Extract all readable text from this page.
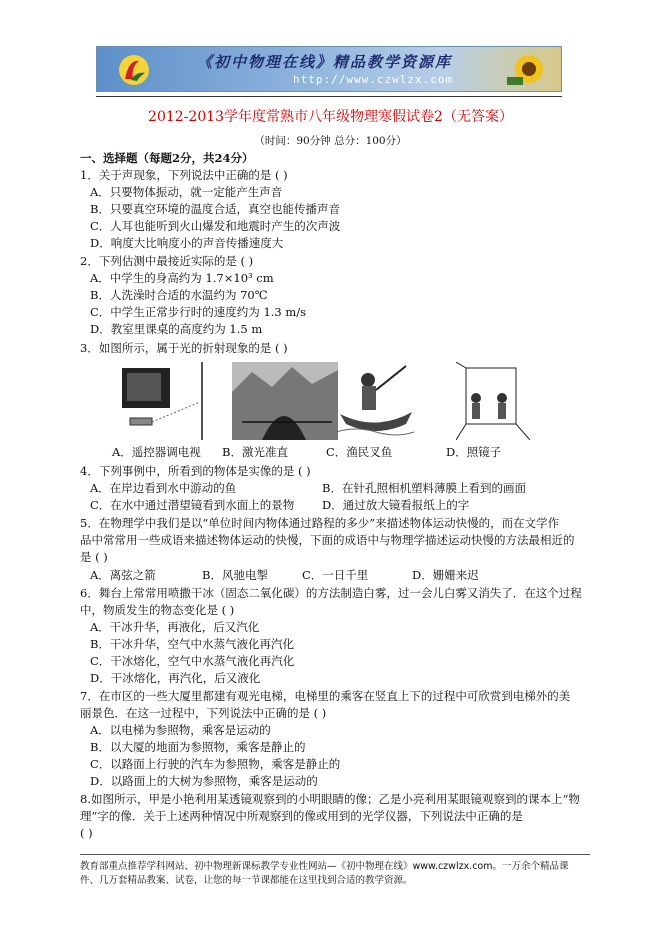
《初中物理在线》精品教学资源库
http://www.czwlzx.com
2012-2013学年度常熟市八年级物理寒假试卷2（无答案）
（时间：90分钟 总分：100分）
一、选择题（每题2分，共24分）
1．关于声现象，下列说法中正确的是 ( )
A．只要物体振动，就一定能产生声音
B．只要真空环境的温度合适，真空也能传播声音
C．人耳也能听到火山爆发和地震时产生的次声波
D．响度大比响度小的声音传播速度大
2．下列估测中最接近实际的是 ( )
A．中学生的身高约为 1.7×10³ cm
B．人洗澡时合适的水温约为 70℃
C．中学生正常步行时的速度约为 1.3 m/s
D．教室里课桌的高度约为 1.5 m
3．如图所示，属于光的折射现象的是 ( )
A．遥控器调电视 B．激光准直	C．渔民叉鱼	D．照镜子
4．下列事例中，所看到的物体是实像的是 ( )
A．在岸边看到水中游动的鱼	B．在针孔照相机塑料薄膜上看到的画面
C．在水中通过潜望镜看到水面上的景物 D．通过放大镜看报纸上的字
5．在物理学中我们是以“单位时间内物体通过路程的多少”来描述物体运动快慢的，而在文学作
品中常常用一些成语来描述物体运动的快慢，下面的成语中与物理学描述运动快慢的方法最相近的
是 ( )
A．离弦之箭	B．风驰电掣	C．一日千里	D．姗姗来迟
6．舞台上常常用喷撒干冰（固态二氧化碳）的方法制造白雾，过一会儿白雾又消失了．在这个过程
中，物质发生的物态变化是 ( )
A．干冰升华，再液化，后又汽化
B．干冰升华，空气中水蒸气液化再汽化
C．干冰熔化，空气中水蒸气液化再汽化
D．干冰熔化，再汽化，后又液化
7．在市区的一些大厦里都建有观光电梯，电梯里的乘客在竖直上下的过程中可欣赏到电梯外的美
丽景色．在这一过程中，下列说法中正确的是 ( )
A．以电梯为参照物，乘客是运动的
B．以大厦的地面为参照物，乘客是静止的
C．以路面上行驶的汽车为参照物，乘客是静止的
D．以路面上的大树为参照物，乘客是运动的
8.如图所示，甲是小艳利用某透镜观察到的小明眼睛的像；乙是小亮利用某眼镜观察到的课本上“物
理”字的像．关于上述两种情况中所观察到的像或用到的光学仪器，下列说法中正确的是
( )
教育部重点推荐学科网站、初中物理新课标教学专业性网站—《初中物理在线》www.czwlzx.com。一万余个精品课
件、几万套精品教案、试卷，让您的每一节课都能在这里找到合适的教学资源。
